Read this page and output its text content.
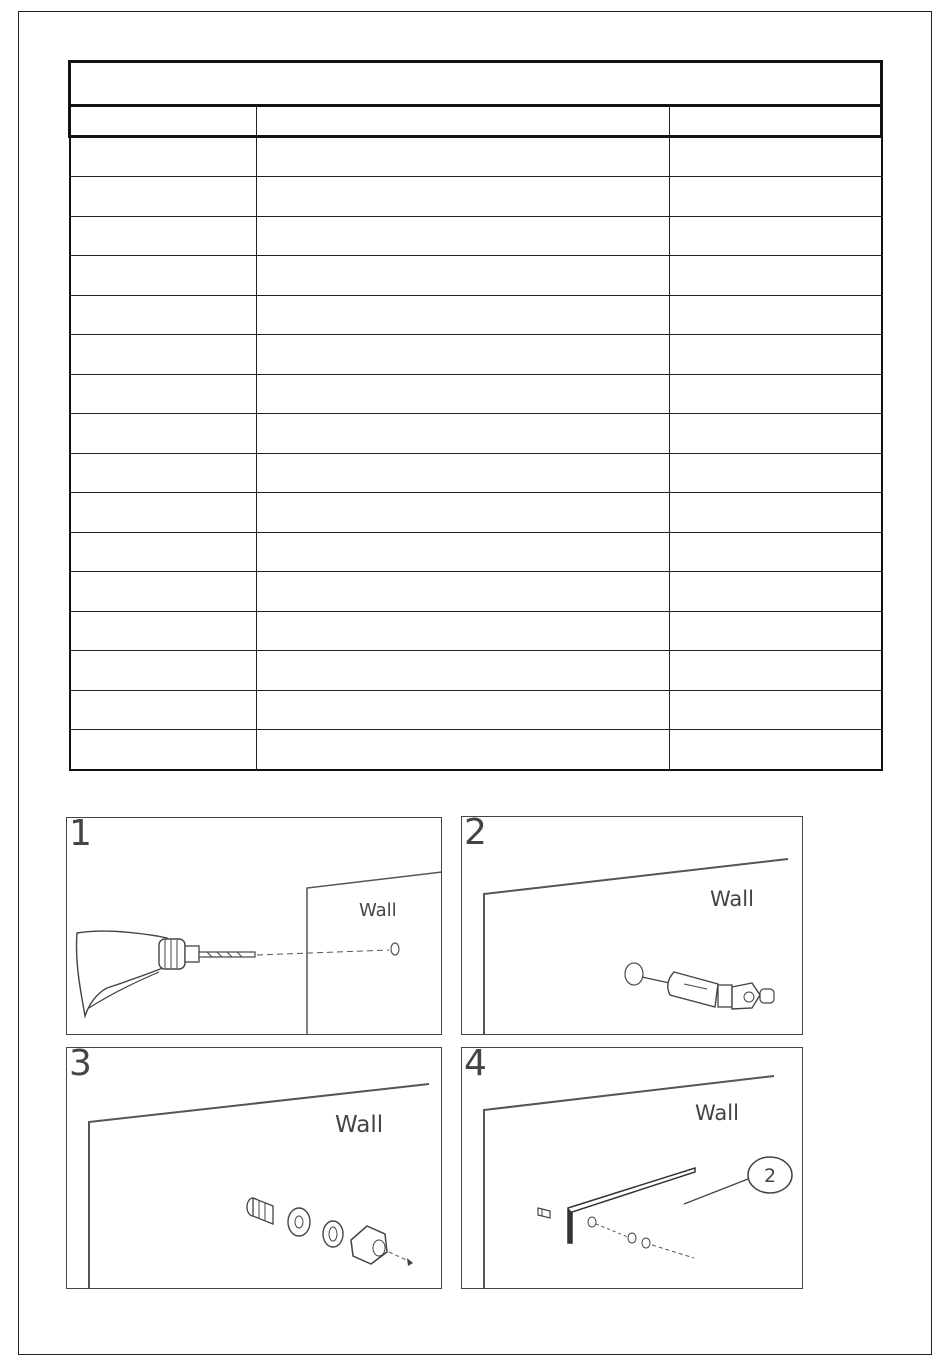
1
Wall
2
Wall
3
Wall
2
4
Wall
